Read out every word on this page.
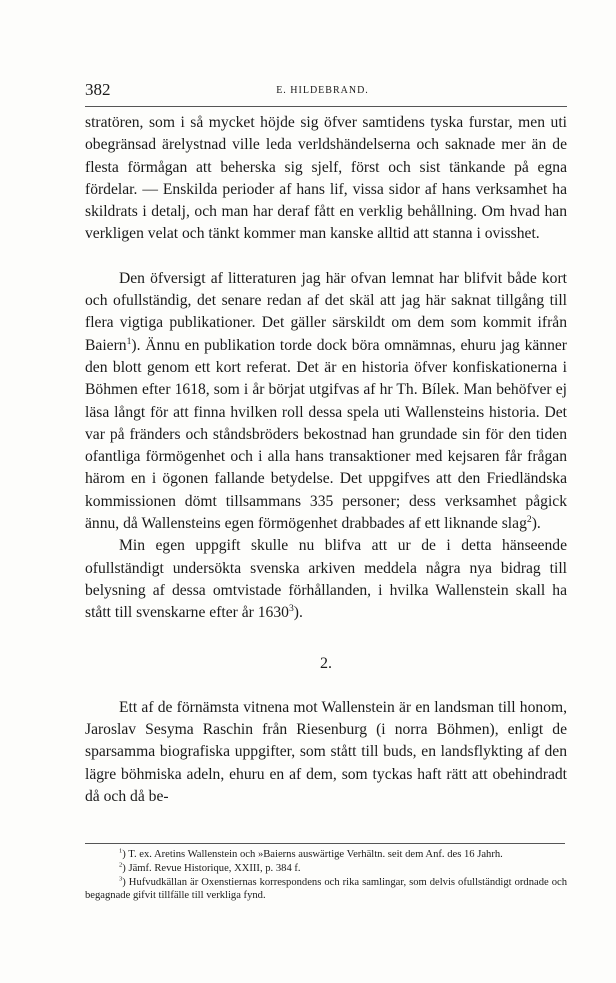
382	E. HILDEBRAND.

stratören, som i så mycket höjde sig öfver samtidens tyska furstar, men uti obegränsad ärelystnad ville leda verldshändelserna och saknade mer än de flesta förmågan att beherska sig sjelf, först och sist tänkande på egna fördelar. — Enskilda perioder af hans lif, vissa sidor af hans verksamhet ha skildrats i detalj, och man har deraf fått en verklig behållning. Om hvad han verkligen velat och tänkt kommer man kanske alltid att stanna i ovisshet.

Den öfversigt af litteraturen jag här ofvan lemnat har blifvit både kort och ofullständig, det senare redan af det skäl att jag här saknat tillgång till flera vigtiga publikationer. Det gäller särskildt om dem som kommit ifrån Baiern$^1$). Ännu en publikation torde dock böra omnämnas, ehuru jag känner den blott genom ett kort referat. Det är en historia öfver konfiskationerna i Böhmen efter 1618, som i år börjat utgifvas af hr Th. Bílek. Man behöfver ej läsa långt för att finna hvilken roll dessa spela uti Wallensteins historia. Det var på fränders och ståndsbröders bekostnad han grundade sin för den tiden ofantliga förmögenhet och i alla hans transaktioner med kejsaren får frågan härom en i ögonen fallande betydelse. Det uppgifves att den Friedländska kommissionen dömt tillsammans 335 personer; dess verksamhet pågick ännu, då Wallensteins egen förmögenhet drabbades af ett liknande slag$^2$).

Min egen uppgift skulle nu blifva att ur de i detta hänseende ofullständigt undersökta svenska arkiven meddela några nya bidrag till belysning af dessa omtvistade förhållanden, i hvilka Wallenstein skall ha stått till svenskarne efter år 1630$^3$).

2.

Ett af de förnämsta vitnena mot Wallenstein är en landsman till honom, Jaroslav Sesyma Raschin från Riesenburg (i norra Böhmen), enligt de sparsamma biografiska uppgifter, som stått till buds, en landsflykting af den lägre böhmiska adeln, ehuru en af dem, som tyckas haft rätt att obehindradt då och då be-

$^1$) T. ex. Aretins Wallenstein och »Baierns auswärtige Verhältn. seit dem Anf. des 16 Jahrh.

$^2$) Jämf. Revue Historique, XXIII, p. 384 f.

$^3$) Hufvudkällan är Oxenstiernas korrespondens och rika samlingar, som delvis ofullständigt ordnade och begagnade gifvit tillfälle till verkliga fynd.
